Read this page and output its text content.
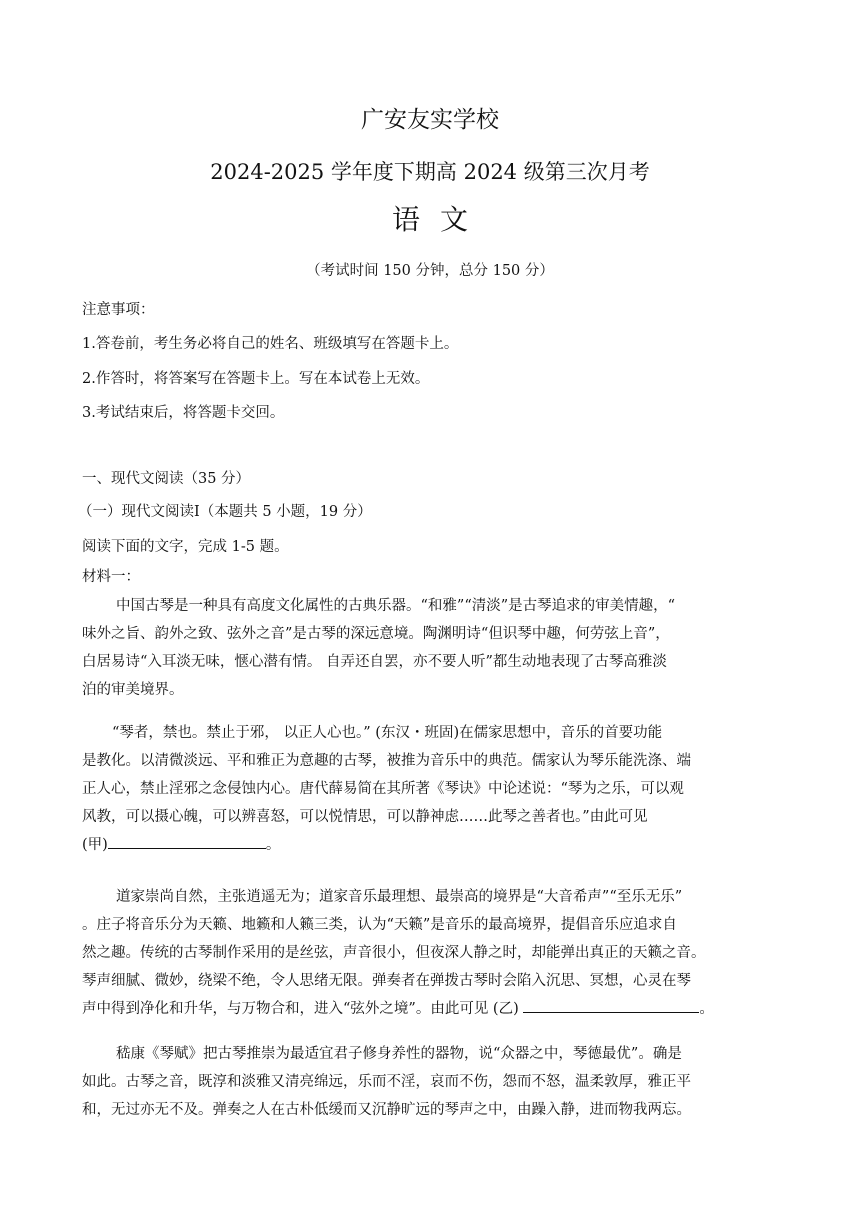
广安友实学校
2024-2025 学年度下期高 2024 级第三次月考
语文
（考试时间 150 分钟，总分 150 分）
注意事项：
1.答卷前，考生务必将自己的姓名、班级填写在答题卡上。
2.作答时，将答案写在答题卡上。写在本试卷上无效。
3.考试结束后，将答题卡交回。
一、现代文阅读（35 分）
（一）现代文阅读Ⅰ（本题共 5 小题，19 分）
阅读下面的文字，完成 1-5 题。
材料一：
中国古琴是一种具有高度文化属性的古典乐器。“和雅”“清淡”是古琴追求的审美情趣，“
味外之旨、韵外之致、弦外之音”是古琴的深远意境。陶渊明诗“但识琴中趣，何劳弦上音”，
白居易诗“入耳淡无味，惬心潜有情。 自弄还自罢，亦不要人听”都生动地表现了古琴高雅淡
泊的审美境界。
“琴者，禁也。禁止于邪， 以正人心也。” (东汉・班固)在儒家思想中，音乐的首要功能
是教化。以清微淡远、平和雅正为意趣的古琴，被推为音乐中的典范。儒家认为琴乐能洗涤、端
正人心，禁止淫邪之念侵蚀内心。唐代薛易简在其所著《琴诀》中论述说：“琴为之乐，可以观
风教，可以摄心魄，可以辨喜怒，可以悦情思，可以静神虑……此琴之善者也。”由此可见
(甲)	。
道家崇尚自然，主张逍遥无为；道家音乐最理想、最崇高的境界是“大音希声”“至乐无乐”
。庄子将音乐分为天籁、地籁和人籁三类，认为“天籁”是音乐的最高境界，提倡音乐应追求自
然之趣。传统的古琴制作采用的是丝弦，声音很小，但夜深人静之时，却能弹出真正的天籁之音。
琴声细腻、微妙，绕梁不绝，令人思绪无限。弹奏者在弹拨古琴时会陷入沉思、冥想，心灵在琴
声中得到净化和升华，与万物合和，进入“弦外之境”。由此可见 (乙)	。
嵇康《琴赋》把古琴推崇为最适宜君子修身养性的器物，说“众器之中，琴德最优”。确是
如此。古琴之音，既淳和淡雅又清亮绵远，乐而不淫，哀而不伤，怨而不怒，温柔敦厚，雅正平
和，无过亦无不及。弹奏之人在古朴低缓而又沉静旷远的琴声之中，由躁入静，进而物我两忘。
